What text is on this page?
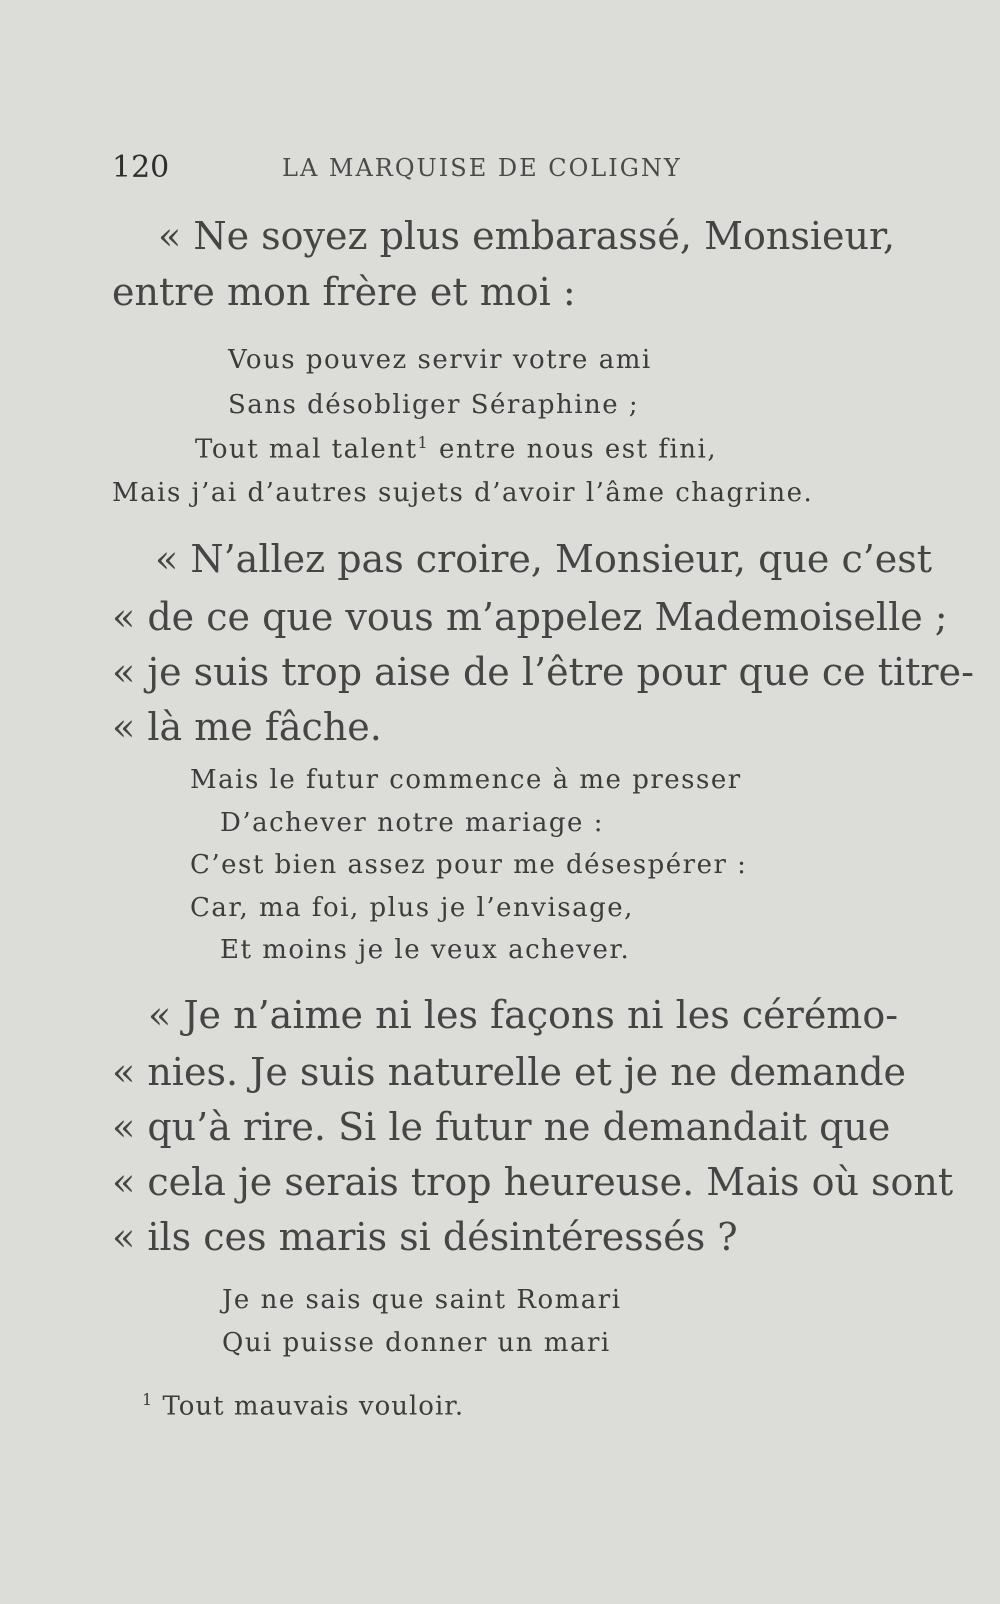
120	LA MARQUISE DE COLIGNY
« Ne soyez plus embarassé, Monsieur,
entre mon frère et moi :
Vous pouvez servir votre ami
Sans désobliger Séraphine ;
Tout mal talent$^1$ entre nous est fini,
Mais j’ai d’autres sujets d’avoir l’âme chagrine.
« N’allez pas croire, Monsieur, que c’est
« de ce que vous m’appelez Mademoiselle ;
« je suis trop aise de l’être pour que ce titre-
« là me fâche.
Mais le futur commence à me presser
D’achever notre mariage :
C’est bien assez pour me désespérer :
Car, ma foi, plus je l’envisage,
Et moins je le veux achever.
« Je n’aime ni les façons ni les cérémo-
« nies. Je suis naturelle et je ne demande
« qu’à rire. Si le futur ne demandait que
« cela je serais trop heureuse. Mais où sont
« ils ces maris si désintéressés ?
Je ne sais que saint Romari
Qui puisse donner un mari
$^1$ Tout mauvais vouloir.
